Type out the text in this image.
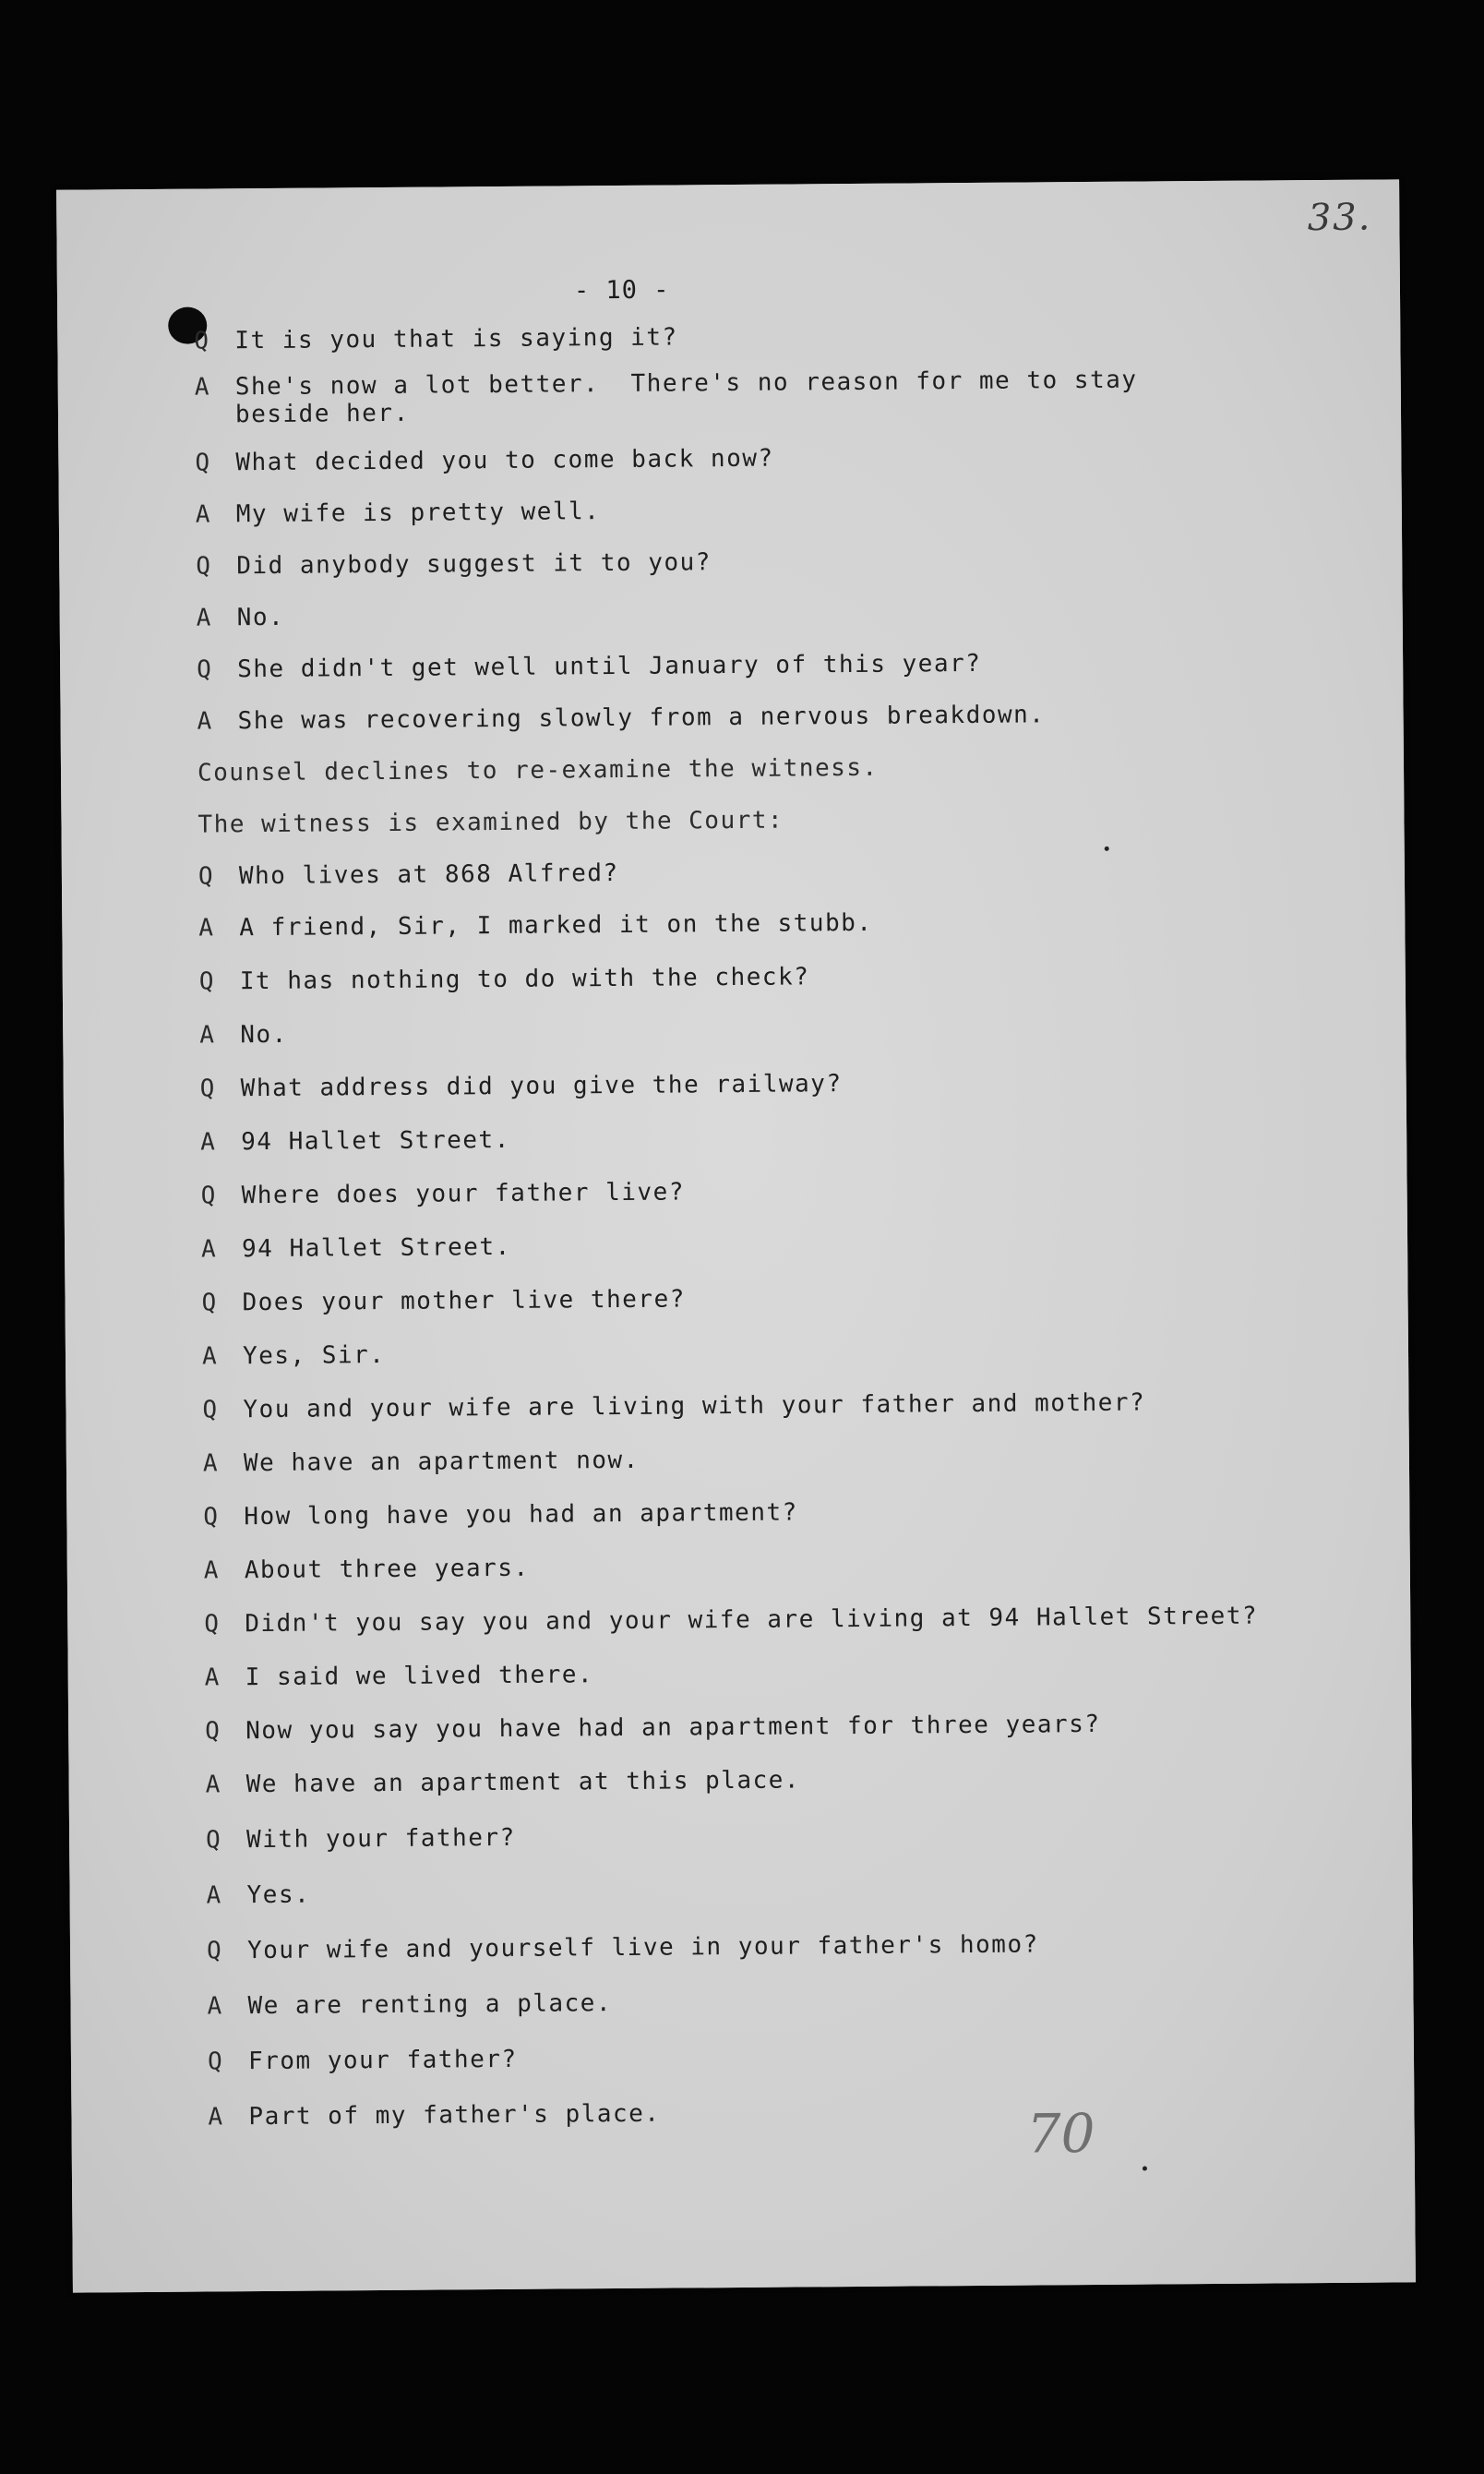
33.
- 10 -
Q	It is you that is saying it?
A	She's now a lot better.  There's no reason for me to stay
beside her.
Q	What decided you to come back now?
A	My wife is pretty well.
Q	Did anybody suggest it to you?
A	No.
Q	She didn't get well until January of this year?
A	She was recovering slowly from a nervous breakdown.
Counsel declines to re-examine the witness.
The witness is examined by the Court:
Q	Who lives at 868 Alfred?
A	A friend, Sir, I marked it on the stubb.
Q	It has nothing to do with the check?
A	No.
Q	What address did you give the railway?
A	94 Hallet Street.
Q	Where does your father live?
A	94 Hallet Street.
Q	Does your mother live there?
A	Yes, Sir.
Q	You and your wife are living with your father and mother?
A	We have an apartment now.
Q	How long have you had an apartment?
A	About three years.
Q	Didn't you say you and your wife are living at 94 Hallet Street?
A	I said we lived there.
Q	Now you say you have had an apartment for three years?
A	We have an apartment at this place.
Q	With your father?
A	Yes.
Q	Your wife and yourself live in your father's homo?
A	We are renting a place.
Q	From your father?
A	Part of my father's place.	70
